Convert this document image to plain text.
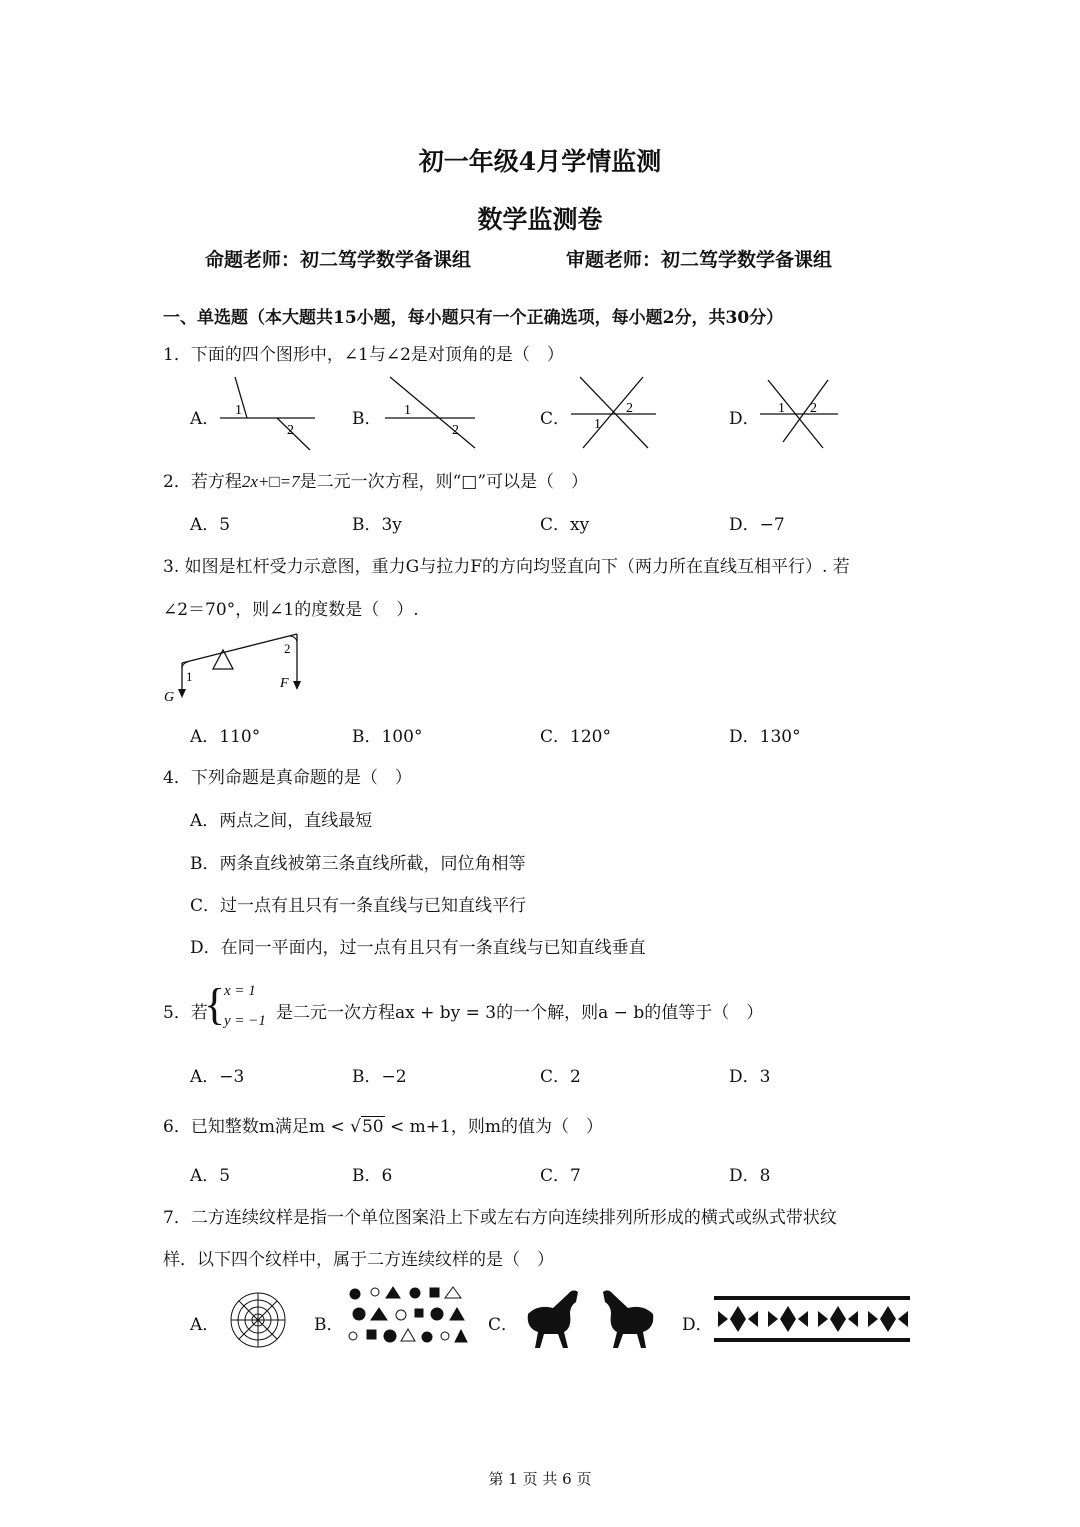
初一年级4月学情监测
数学监测卷
命题老师：初二笃学数学备课组	审题老师：初二笃学数学备课组
一、单选题（本大题共15小题，每小题只有一个正确选项，每小题2分，共30分）
1．下面的四个图形中，∠1与∠2是对顶角的是（　）
A．	B．	C．	D．
1
2
1
2	1
2	1 2
2．若方程2x+□=7是二元一次方程，则“□”可以是（　）
A．5	B．3y	C．xy	D．−7
3. 如图是杠杆受力示意图，重力G与拉力F的方向均竖直向下（两力所在直线互相平行）. 若
∠2＝70°，则∠1的度数是（　）.
1
2
G
F
A．110°	B．100°	C．120°	D．130°
4．下列命题是真命题的是（　）
A．两点之间，直线最短
B．两条直线被第三条直线所截，同位角相等
C．过一点有且只有一条直线与已知直线平行
D．在同一平面内，过一点有且只有一条直线与已知直线垂直
5．若
{
x = 1
y = −1 是二元一次方程ax + by = 3的一个解，则a − b的值等于（　）
A．−3	B．−2	C．2	D．3
6．已知整数m满足m < √50 < m+1，则m的值为（　）
A．5	B．6	C．7	D．8
7．二方连续纹样是指一个单位图案沿上下或左右方向连续排列所形成的横式或纵式带状纹
样．以下四个纹样中，属于二方连续纹样的是（　）
A．	B．	C．	D．
第 1 页 共 6 页
